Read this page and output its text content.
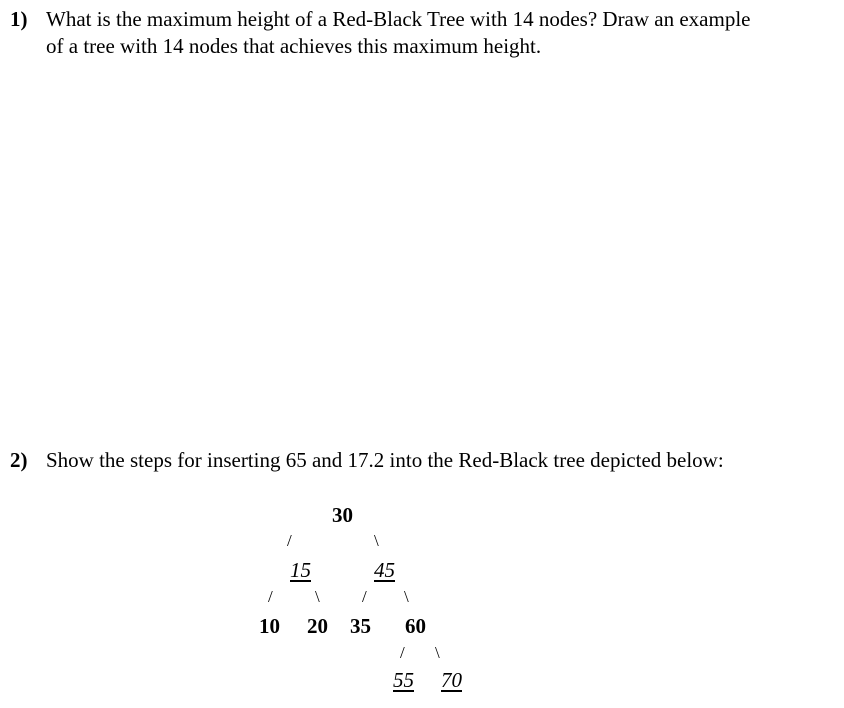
1) What is the maximum height of a Red-Black Tree with 14 nodes? Draw an example
of a tree with 14 nodes that achieves this maximum height.
2) Show the steps for inserting 65 and 17.2 into the Red-Black tree depicted below:
30
/	\
15	45
/ \ / \
10 20 35 60
/ \
55 70
